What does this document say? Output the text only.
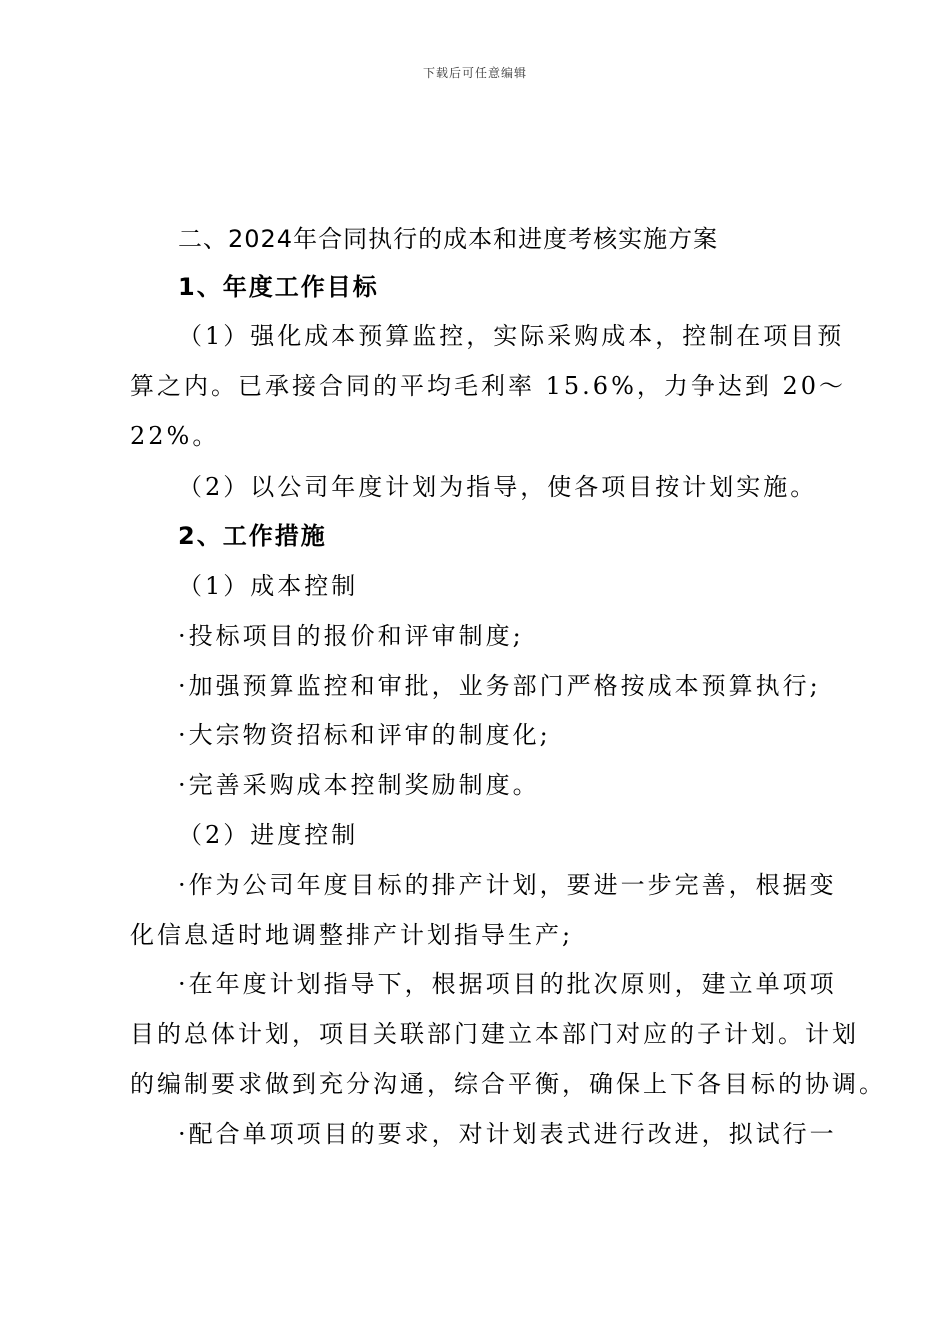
下载后可任意编辑
二、2024年合同执行的成本和进度考核实施方案
1、年度工作目标
（1）强化成本预算监控，实际采购成本，控制在项目预
算之内。已承接合同的平均毛利率 15.6%，力争达到 20～
22%。
（2）以公司年度计划为指导，使各项目按计划实施。
2、工作措施
（1）成本控制
·投标项目的报价和评审制度;
·加强预算监控和审批，业务部门严格按成本预算执行;
·大宗物资招标和评审的制度化;
·完善采购成本控制奖励制度。
（2）进度控制
·作为公司年度目标的排产计划，要进一步完善，根据变
化信息适时地调整排产计划指导生产;
·在年度计划指导下，根据项目的批次原则，建立单项项
目的总体计划，项目关联部门建立本部门对应的子计划。计划
的编制要求做到充分沟通，综合平衡，确保上下各目标的协调。
·配合单项项目的要求，对计划表式进行改进，拟试行一
